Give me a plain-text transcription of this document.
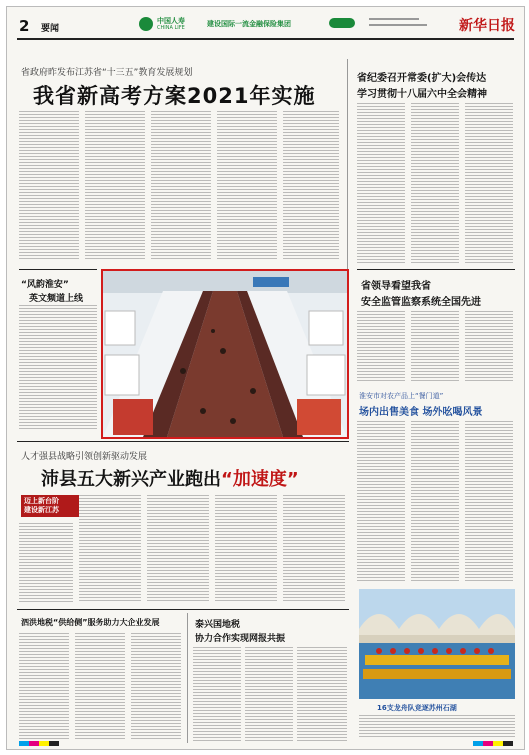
2 要闻
中国人寿
CHINA LIFE	建设国际一流金融保险集团	新华日报
省政府昨发布江苏省“十三五”教育发展规划
我省新高考方案2021年实施
省纪委召开常委(扩大)会传达
学习贯彻十八届六中全会精神
“风韵淮安”
英文频道上线
省领导看望我省
安全监管监察系统全国先进
淮安市对农产品上“餐门道”
场内出售美食 场外吆喝风景
人才强县战略引领创新驱动发展
沛县五大新兴产业跑出“加速度”
迈上新台阶
建设新江苏
泗洪地税“供给侧”服务助力大企业发展	泰兴国地税
协力合作实现网报共振
16支龙舟队竞逐苏州石湖
